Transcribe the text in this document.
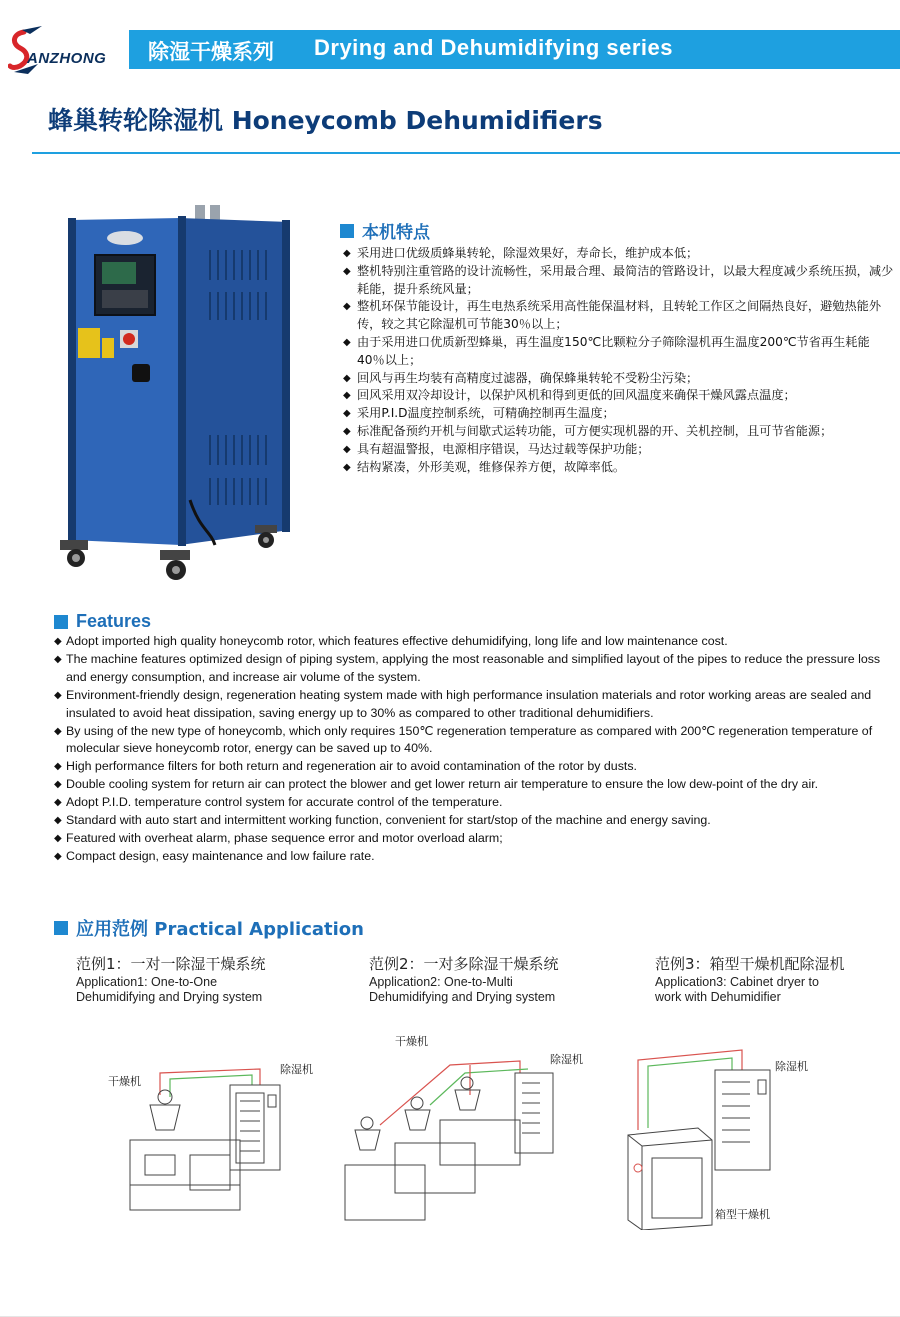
ANZHONG 除湿干燥系列 Drying and Dehumidifying series
蜂巢转轮除湿机 Honeycomb Dehumidifiers
本机特点
◆ 采用进口优级质蜂巢转轮，除湿效果好，寿命长，维护成本低；
◆ 整机特别注重管路的设计流畅性，采用最合理、最简洁的管路设计，以最大程度减少系统压损，减少耗能，提升系统风量；
◆ 整机环保节能设计，再生电热系统采用高性能保温材料，且转轮工作区之间隔热良好，避勉热能外传，较之其它除湿机可节能30％以上；
◆ 由于采用进口优质新型蜂巢，再生温度150℃比颗粒分子筛除湿机再生温度200℃节省再生耗能40％以上；
◆ 回风与再生均装有高精度过滤器，确保蜂巢转轮不受粉尘污染；
◆ 回风采用双冷却设计，以保护风机和得到更低的回风温度来确保干燥风露点温度；
◆ 采用P.I.D温度控制系统，可精确控制再生温度；
◆ 标准配备预约开机与间歇式运转功能，可方便实现机器的开、关机控制，且可节省能源；
◆ 具有超温警报，电源相序错误，马达过载等保护功能；
◆ 结构紧凑，外形美观，维修保养方便，故障率低。
Features
◆ Adopt imported high quality honeycomb rotor, which features effective dehumidifying, long life and low maintenance cost.
◆ The machine features optimized design of piping system, applying the most reasonable and simplified layout of the pipes to reduce the pressure loss and energy consumption, and increase air volume of the system.
◆ Environment-friendly design, regeneration heating system made with high performance insulation materials and rotor working areas are sealed and insulated to avoid heat dissipation, saving energy up to 30% as compared to other traditional dehumidifiers.
◆ By using of the new type of honeycomb, which only requires 150℃ regeneration temperature as compared with 200℃ regeneration temperature of molecular sieve honeycomb rotor, energy can be saved up to 40%.
◆ High performance filters for both return and regeneration air to avoid contamination of the rotor by dusts.
◆ Double cooling system for return air can protect the blower and get lower return air temperature to ensure the low dew-point of the dry air.
◆ Adopt P.I.D. temperature control system for accurate control of the temperature.
◆ Standard with auto start and intermittent working function, convenient for start/stop of the machine and energy saving.
◆ Featured with overheat alarm, phase sequence error and motor overload alarm;
◆ Compact design, easy maintenance and low failure rate.
应用范例 Practical Application
范例1：一对一除湿干燥系统
Application1: One-to-One
Dehumidifying and Drying system
范例2：一对多除湿干燥系统
Application2: One-to-Multi
Dehumidifying and Drying system
范例3：箱型干燥机配除湿机
Application3: Cabinet dryer to
work with Dehumidifier
干燥机
除湿机
干燥机
除湿机
除湿机
箱型干燥机
